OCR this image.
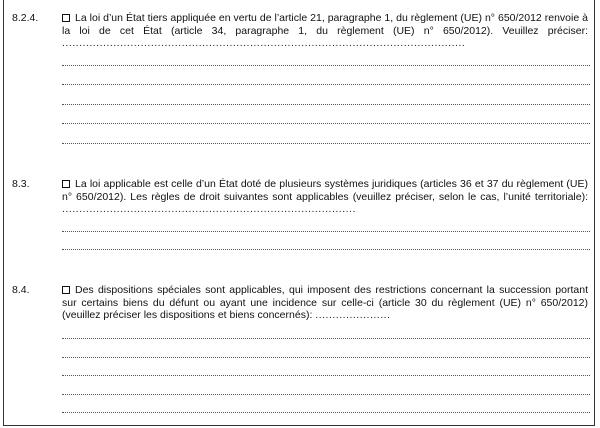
8.2.4.	La loi d’un État tiers appliquée en vertu de l’article 21, paragraphe 1, du règlement (UE) n° 650/2012 renvoie à la loi de cet État (article 34, paragraphe 1, du règlement (UE) n° 650/2012). Veuillez préciser: ......................................................................................................................

8.3.	La loi applicable est celle d’un État doté de plusieurs systèmes juridiques (articles 36 et 37 du règlement (UE) n° 650/2012). Les règles de droit suivantes sont applicables (veuillez préciser, selon le cas, l’unité territoriale): ......................................................................................

8.4.	Des dispositions spéciales sont applicables, qui imposent des restrictions concernant la succession portant sur certains biens du défunt ou ayant une incidence sur celle-ci (article 30 du règlement (UE) n° 650/2012) (veuillez préciser les dispositions et biens concernés): ......................
